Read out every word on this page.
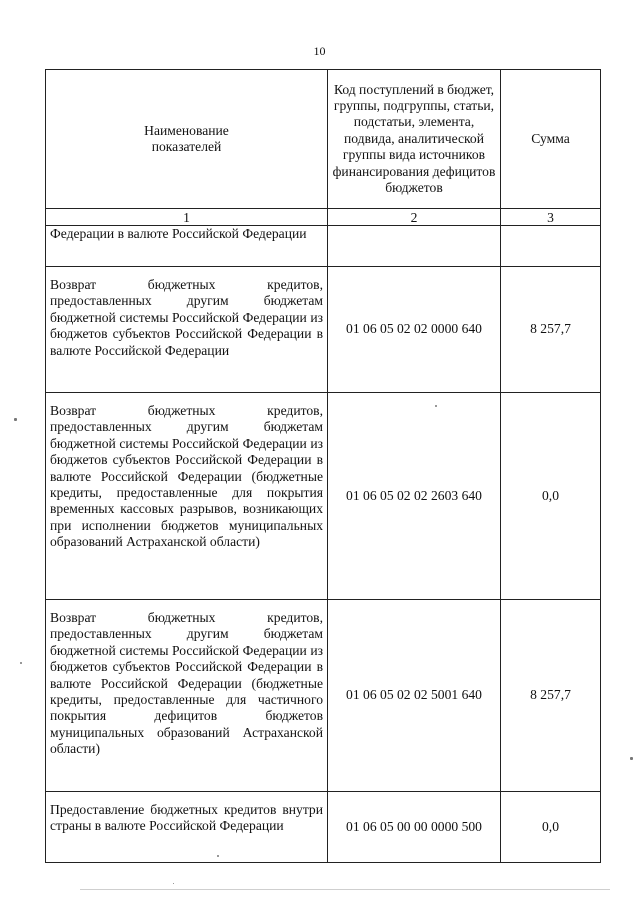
10
Наименование показателей	Код поступлений в бюджет, группы, подгруппы, статьи, подстатьи, элемента, подвида, аналитической группы вида источников финансирования дефицитов бюджетов	Сумма
1	2	3
Федерации в валюте Российской Федерации		
Возврат бюджетных кредитов, предоставленных другим бюджетам бюджетной системы Российской Федерации из бюджетов субъектов Российской Федерации в валюте Российской Федерации	01 06 05 02 02 0000 640	8 257,7
Возврат бюджетных кредитов, предоставленных другим бюджетам бюджетной системы Российской Федерации из бюджетов субъектов Российской Федерации в валюте Российской Федерации (бюджетные кредиты, предоставленные для покрытия временных кассовых разрывов, возникающих при исполнении бюджетов муниципальных образований Астраханской области)	01 06 05 02 02 2603 640	0,0
Возврат бюджетных кредитов, предоставленных другим бюджетам бюджетной системы Российской Федерации из бюджетов субъектов Российской Федерации в валюте Российской Федерации (бюджетные кредиты, предоставленные для частичного покрытия дефицитов бюджетов муниципальных образований Астраханской области)	01 06 05 02 02 5001 640	8 257,7
Предоставление бюджетных кредитов внутри страны в валюте Российской Федерации	01 06 05 00 00 0000 500	0,0
